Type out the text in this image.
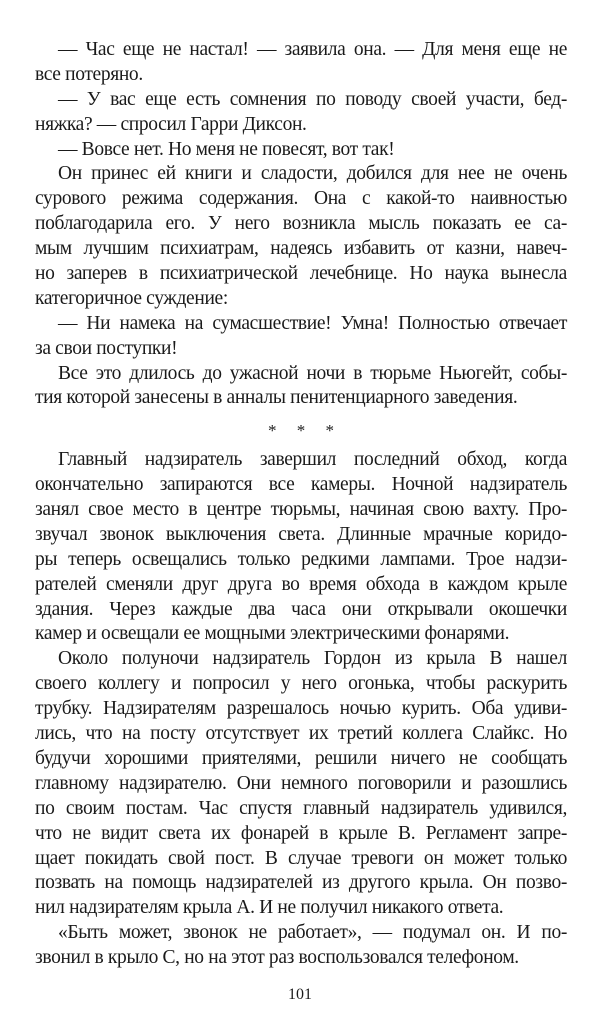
— Час еще не настал! — заявила она. — Для меня еще не
все потеряно.
— У вас еще есть сомнения по поводу своей участи, бед-
няжка? — спросил Гарри Диксон.
— Вовсе нет. Но меня не повесят, вот так!
Он принес ей книги и сладости, добился для нее не очень
сурового режима содержания. Она с какой-то наивностью
поблагодарила его. У него возникла мысль показать ее са-
мым лучшим психиатрам, надеясь избавить от казни, навеч-
но заперев в психиатрической лечебнице. Но наука вынесла
категоричное суждение:
— Ни намека на сумасшествие! Умна! Полностью отвечает
за свои поступки!
Все это длилось до ужасной ночи в тюрьме Ньюгейт, собы-
тия которой занесены в анналы пенитенциарного заведения.
* * *
Главный надзиратель завершил последний обход, когда
окончательно запираются все камеры. Ночной надзиратель
занял свое место в центре тюрьмы, начиная свою вахту. Про-
звучал звонок выключения света. Длинные мрачные коридо-
ры теперь освещались только редкими лампами. Трое надзи-
рателей сменяли друг друга во время обхода в каждом крыле
здания. Через каждые два часа они открывали окошечки
камер и освещали ее мощными электрическими фонарями.
Около полуночи надзиратель Гордон из крыла В нашел
своего коллегу и попросил у него огонька, чтобы раскурить
трубку. Надзирателям разрешалось ночью курить. Оба удиви-
лись, что на посту отсутствует их третий коллега Слайкс. Но
будучи хорошими приятелями, решили ничего не сообщать
главному надзирателю. Они немного поговорили и разошлись
по своим постам. Час спустя главный надзиратель удивился,
что не видит света их фонарей в крыле В. Регламент запре-
щает покидать свой пост. В случае тревоги он может только
позвать на помощь надзирателей из другого крыла. Он позво-
нил надзирателям крыла А. И не получил никакого ответа.
«Быть может, звонок не работает», — подумал он. И по-
звонил в крыло С, но на этот раз воспользовался телефоном.
101
